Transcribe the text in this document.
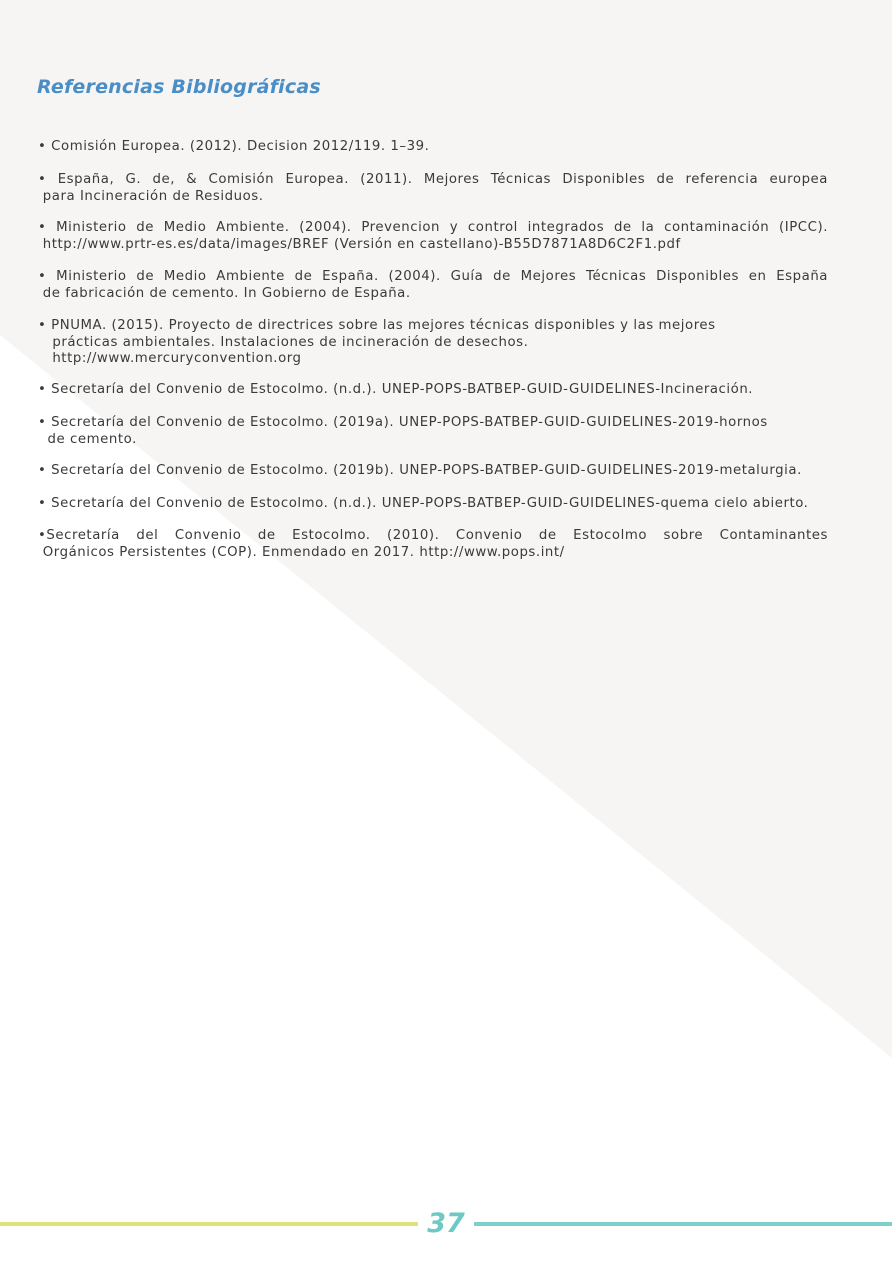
Referencias Bibliográficas

• Comisión Europea. (2012). Decision 2012/119. 1–39.

• España, G. de, & Comisión Europea. (2011). Mejores Técnicas Disponibles de referencia europea
para Incineración de Residuos.

• Ministerio de Medio Ambiente. (2004). Prevencion y control integrados de la contaminación (IPCC).
http://www.prtr-es.es/data/images/BREF (Versión en castellano)-B55D7871A8D6C2F1.pdf

• Ministerio de Medio Ambiente de España. (2004). Guía de Mejores Técnicas Disponibles en España
de fabricación de cemento. In Gobierno de España.

• PNUMA. (2015). Proyecto de directrices sobre las mejores técnicas disponibles y las mejores
prácticas ambientales. Instalaciones de incineración de desechos.
http://www.mercuryconvention.org

• Secretaría del Convenio de Estocolmo. (n.d.). UNEP-POPS-BATBEP-GUID-GUIDELINES-Incineración.

• Secretaría del Convenio de Estocolmo. (2019a). UNEP-POPS-BATBEP-GUID-GUIDELINES-2019-hornos
de cemento.

• Secretaría del Convenio de Estocolmo. (2019b). UNEP-POPS-BATBEP-GUID-GUIDELINES-2019-metalurgia.

• Secretaría del Convenio de Estocolmo. (n.d.). UNEP-POPS-BATBEP-GUID-GUIDELINES-quema cielo abierto.

•Secretaría del Convenio de Estocolmo. (2010). Convenio de Estocolmo sobre Contaminantes
Orgánicos Persistentes (COP). Enmendado en 2017. http://www.pops.int/

37
